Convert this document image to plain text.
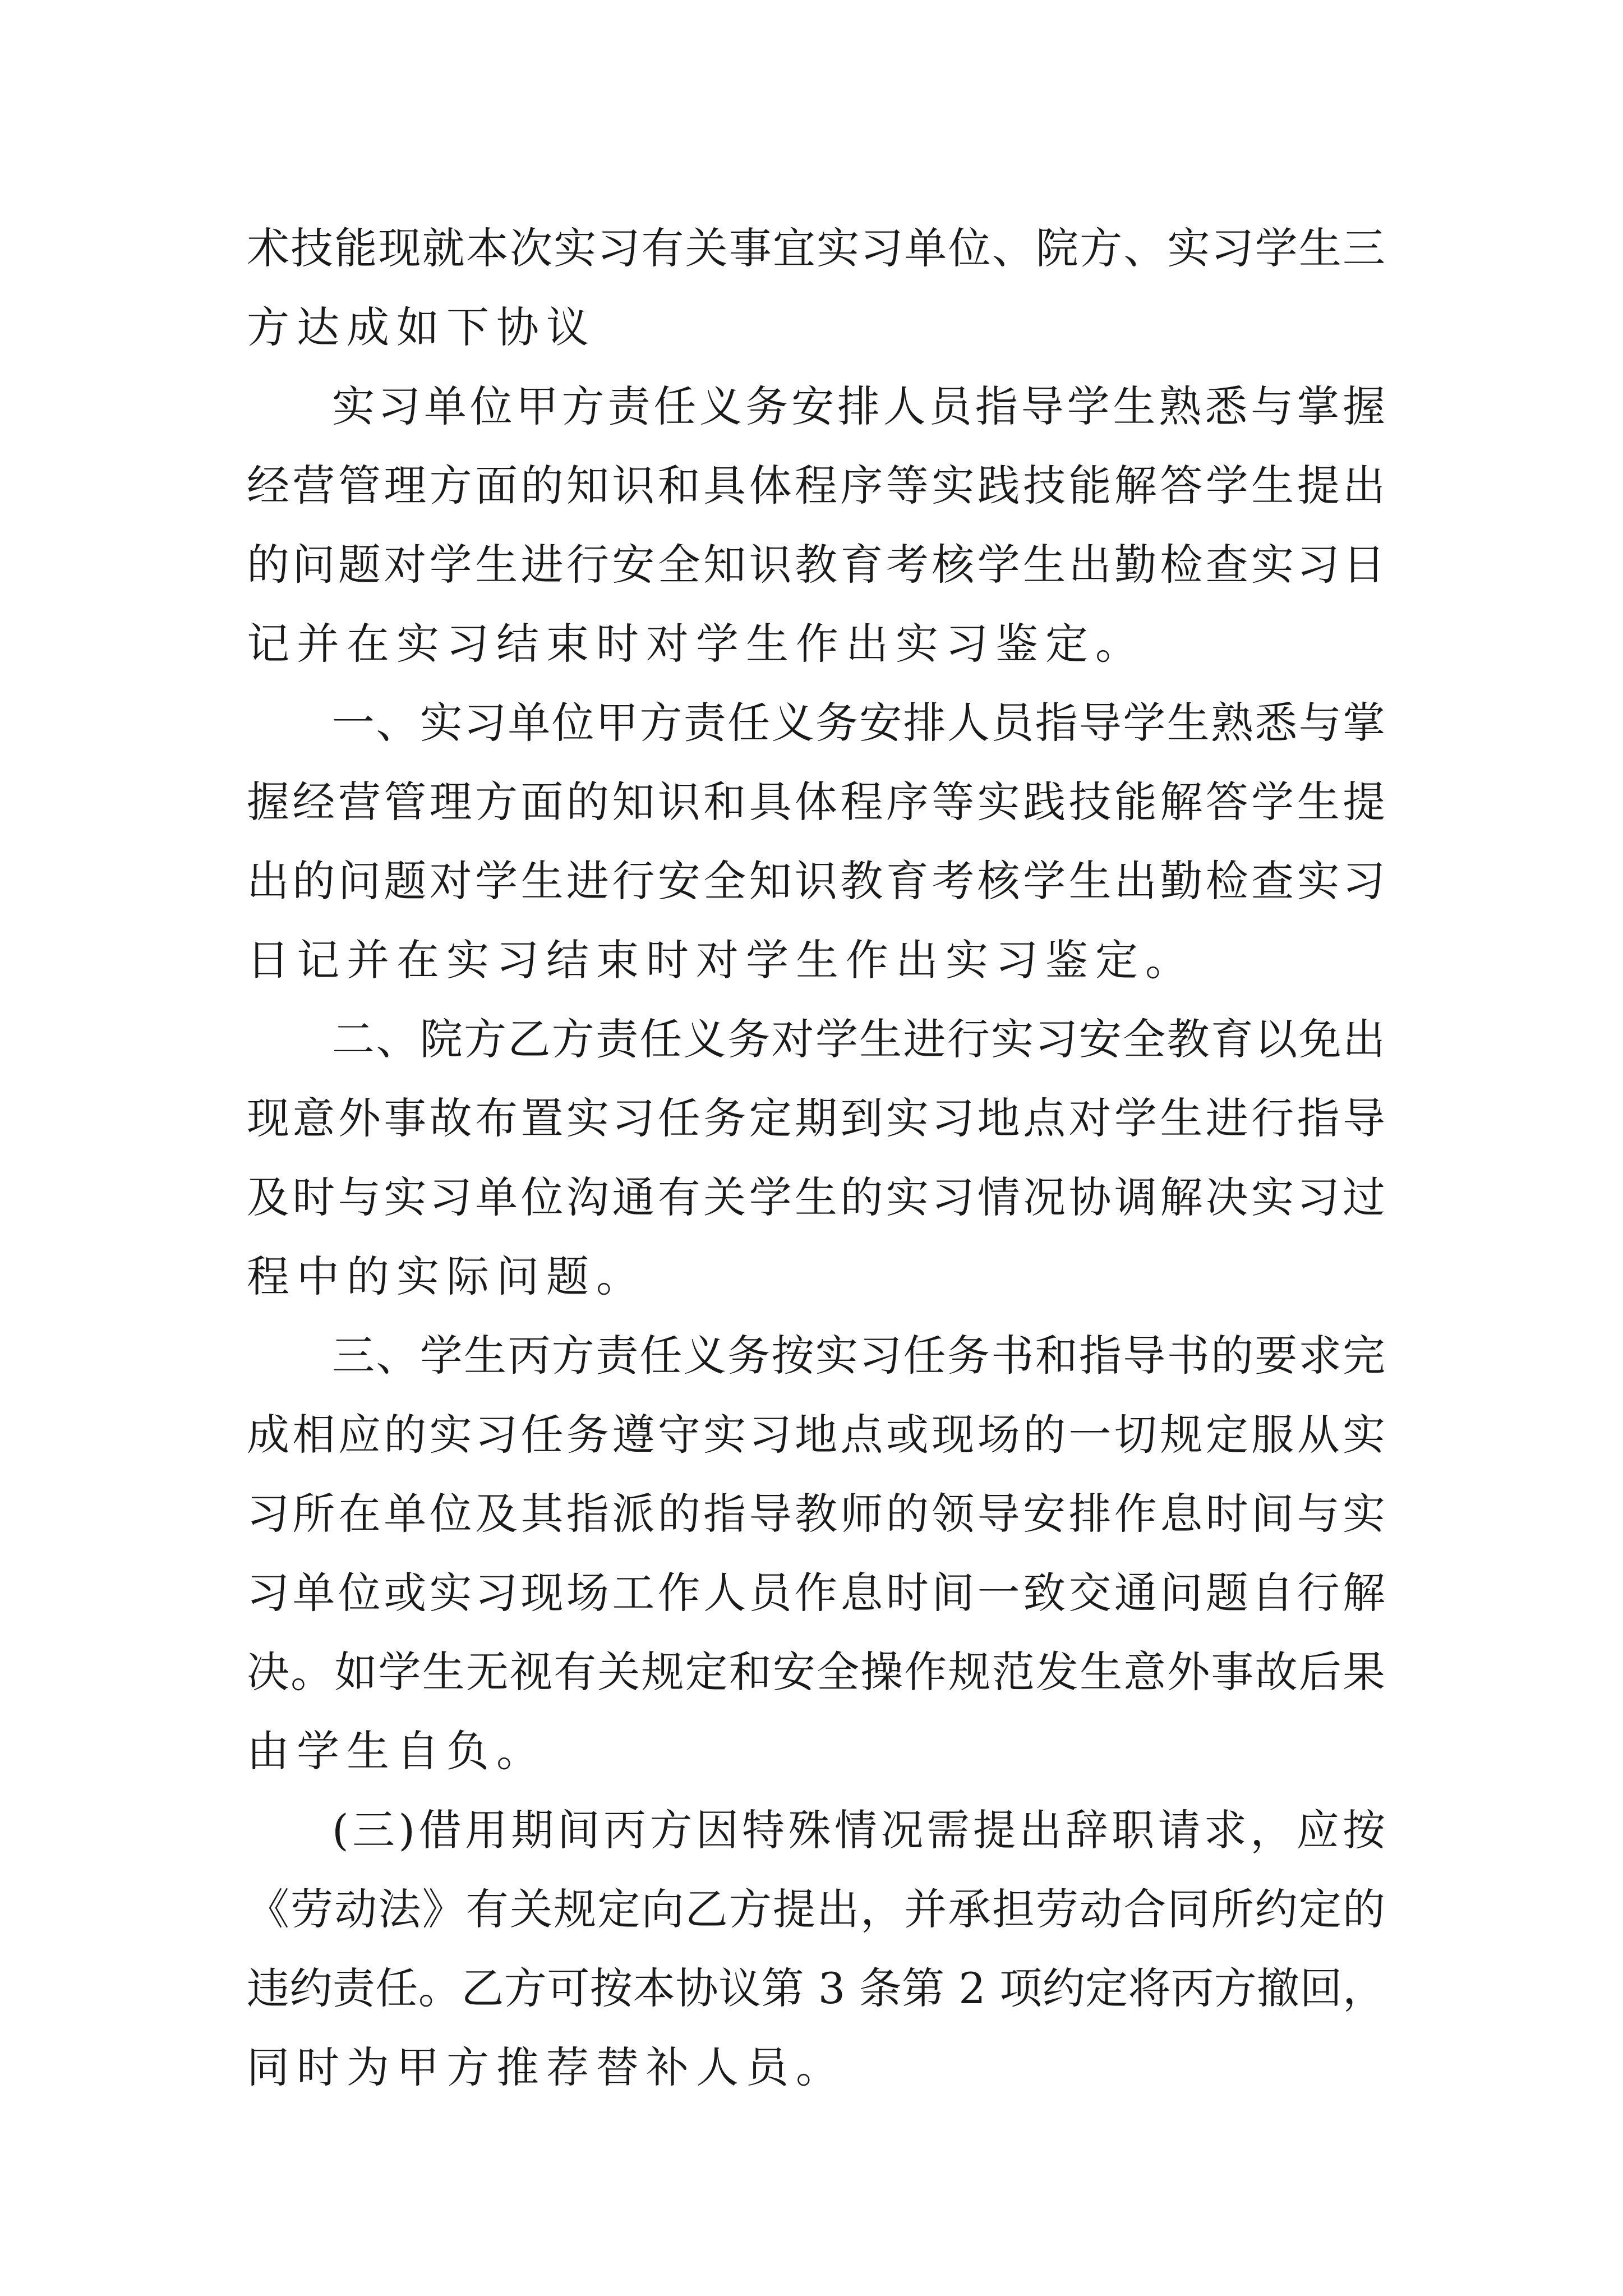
术技能现就本次实习有关事宜实习单位、院方、实习学生三
方达成如下协议
实习单位甲方责任义务安排人员指导学生熟悉与掌握
经营管理方面的知识和具体程序等实践技能解答学生提出
的问题对学生进行安全知识教育考核学生出勤检查实习日
记并在实习结束时对学生作出实习鉴定。
一、实习单位甲方责任义务安排人员指导学生熟悉与掌
握经营管理方面的知识和具体程序等实践技能解答学生提
出的问题对学生进行安全知识教育考核学生出勤检查实习
日记并在实习结束时对学生作出实习鉴定。
二、院方乙方责任义务对学生进行实习安全教育以免出
现意外事故布置实习任务定期到实习地点对学生进行指导
及时与实习单位沟通有关学生的实习情况协调解决实习过
程中的实际问题。
三、学生丙方责任义务按实习任务书和指导书的要求完
成相应的实习任务遵守实习地点或现场的一切规定服从实
习所在单位及其指派的指导教师的领导安排作息时间与实
习单位或实习现场工作人员作息时间一致交通问题自行解
决。如学生无视有关规定和安全操作规范发生意外事故后果
由学生自负。
(三)借用期间丙方因特殊情况需提出辞职请求，应按
《劳动法》有关规定向乙方提出，并承担劳动合同所约定的
违约责任。乙方可按本协议第 3 条第 2 项约定将丙方撤回，
同时为甲方推荐替补人员。
